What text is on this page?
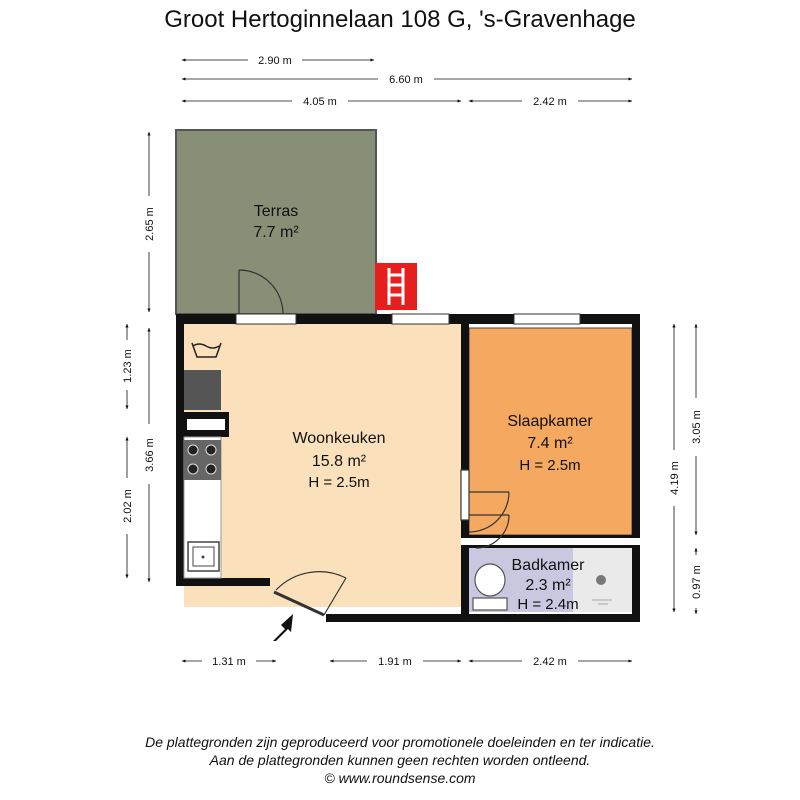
Groot Hertoginnelaan 108 G, 's-Gravenhage
Terras
7.7 m²
Woonkeuken
15.8 m²
H = 2.5m
Slaapkamer
7.4 m²
H = 2.5m
Badkamer
2.3 m²
H = 2.4m
2.90 m
6.60 m
4.05 m	2.42 m
1.31 m	1.91 m	2.42 m
2.65 m
1.23 m
3.66 m
2.02 m
4.19 m
3.05 m
0.97 m
De plattegronden zijn geproduceerd voor promotionele doeleinden en ter indicatie.
Aan de plattegronden kunnen geen rechten worden ontleend.
© www.roundsense.com
